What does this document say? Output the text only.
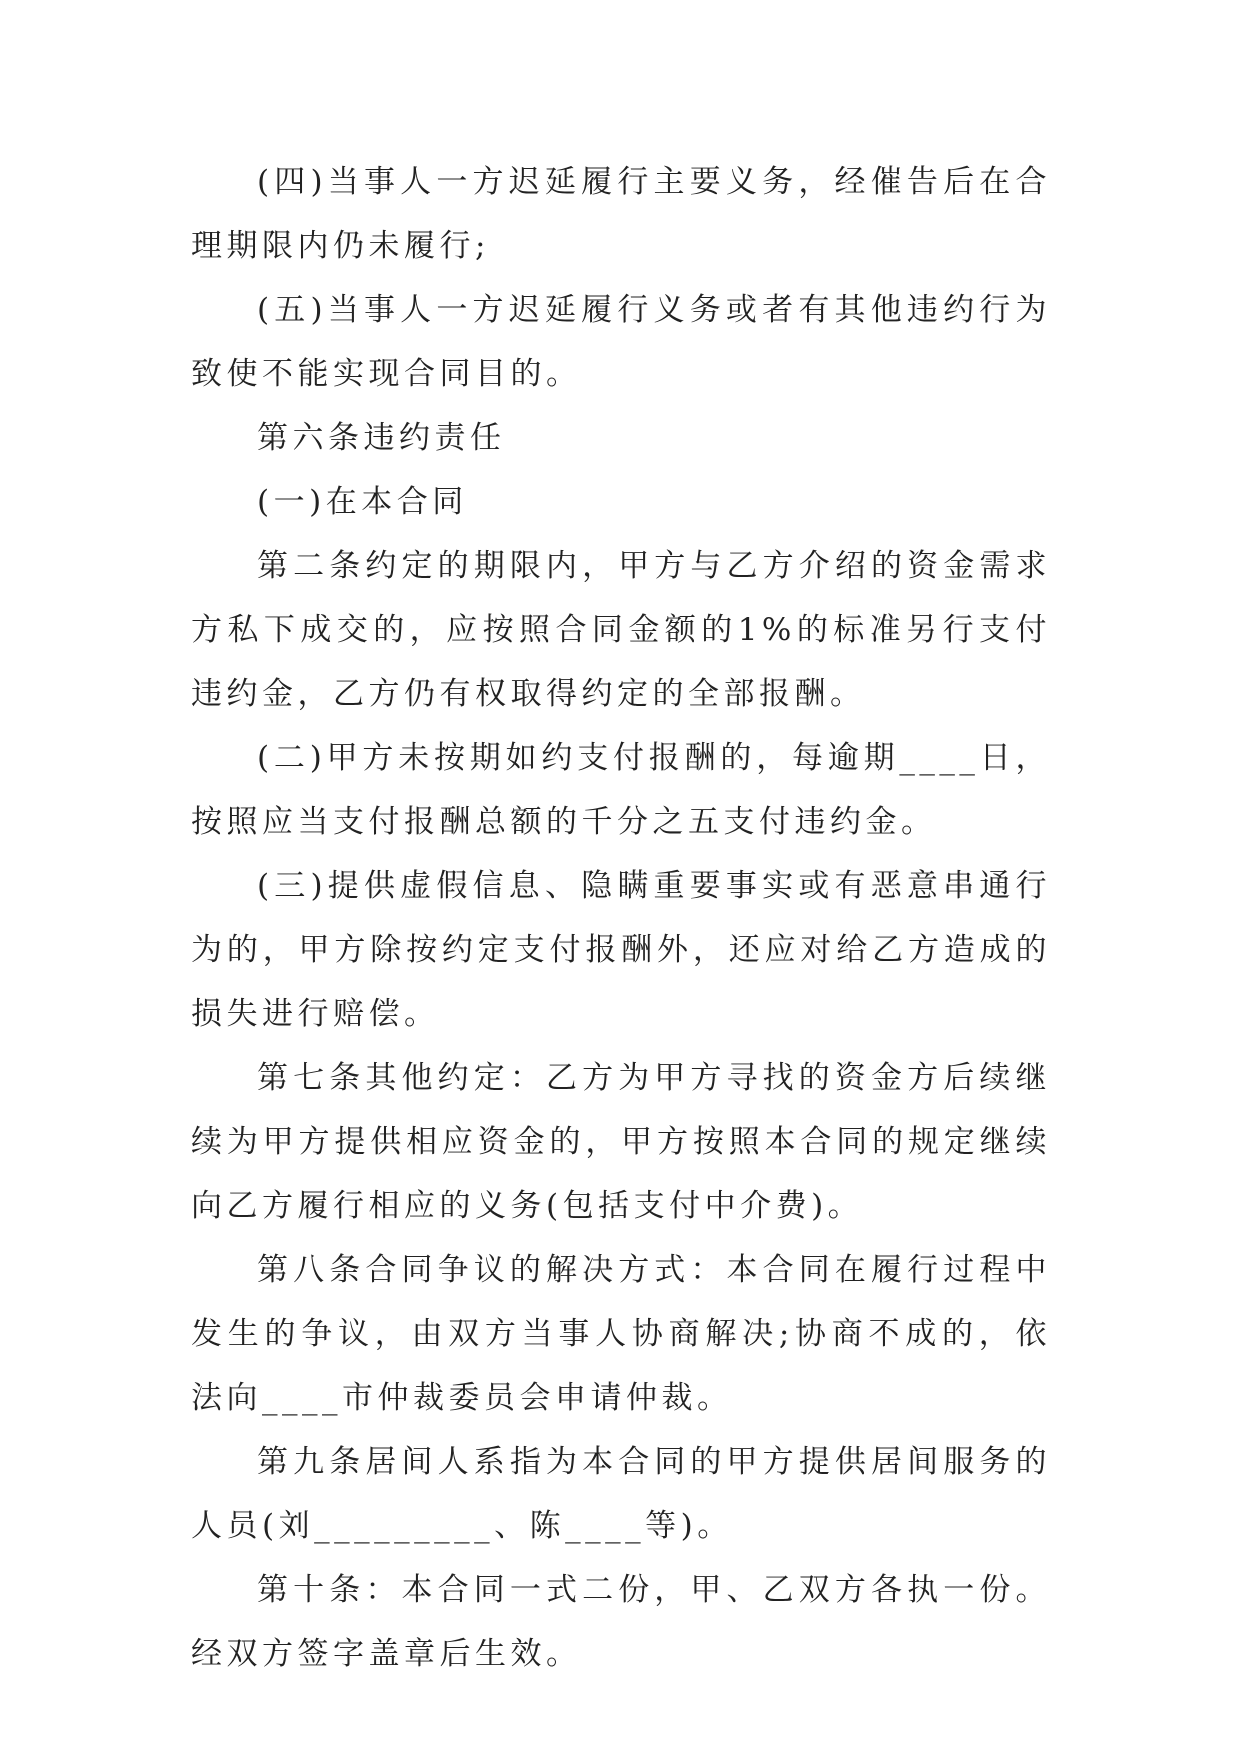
(四)当事人一方迟延履行主要义务，经催告后在合理期限内仍未履行;

(五)当事人一方迟延履行义务或者有其他违约行为致使不能实现合同目的。

第六条违约责任

(一)在本合同

第二条约定的期限内，甲方与乙方介绍的资金需求方私下成交的，应按照合同金额的1%的标准另行支付违约金，乙方仍有权取得约定的全部报酬。

(二)甲方未按期如约支付报酬的，每逾期____日，按照应当支付报酬总额的千分之五支付违约金。

(三)提供虚假信息、隐瞒重要事实或有恶意串通行为的，甲方除按约定支付报酬外，还应对给乙方造成的损失进行赔偿。

第七条其他约定：乙方为甲方寻找的资金方后续继续为甲方提供相应资金的，甲方按照本合同的规定继续向乙方履行相应的义务(包括支付中介费)。

第八条合同争议的解决方式：本合同在履行过程中发生的争议，由双方当事人协商解决;协商不成的，依法向____市仲裁委员会申请仲裁。

第九条居间人系指为本合同的甲方提供居间服务的人员(刘_________、陈____等)。

第十条：本合同一式二份，甲、乙双方各执一份。经双方签字盖章后生效。
